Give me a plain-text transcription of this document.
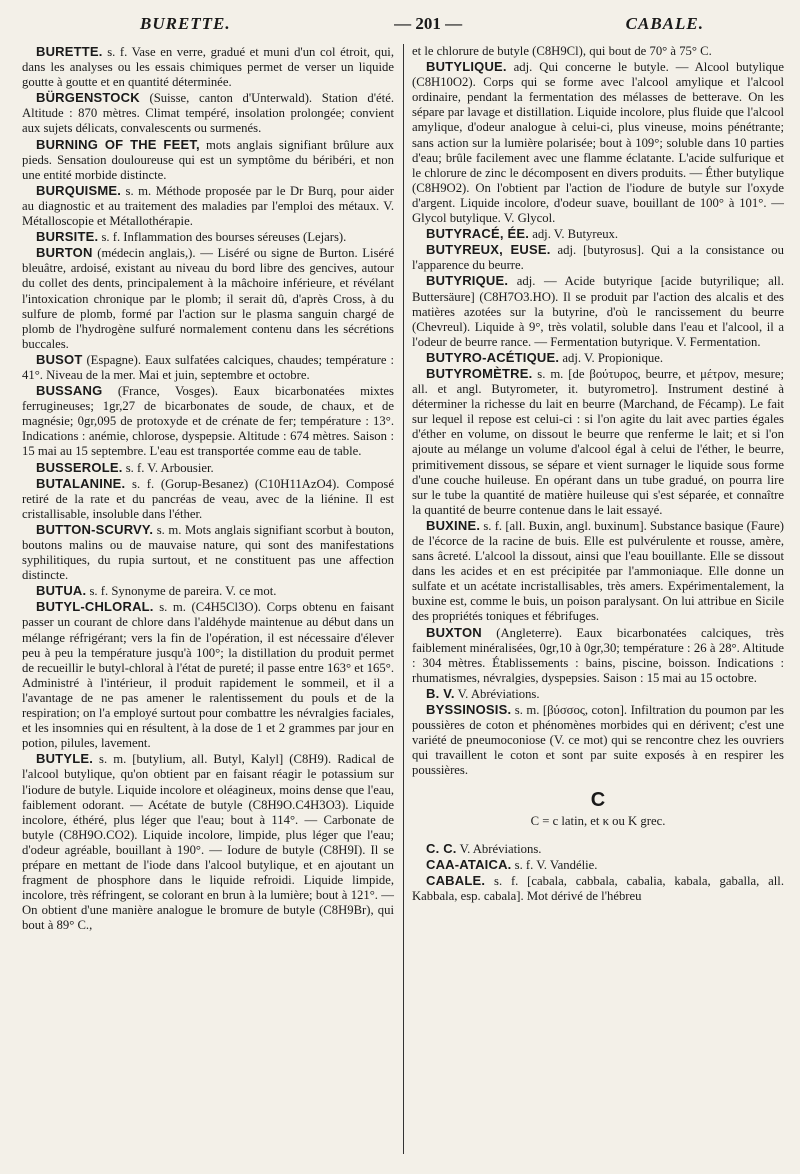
BURETTE.	— 201 —	CABALE.

BURETTE. s. f. Vase en verre, gradué et muni d'un col étroit, qui, dans les analyses ou les essais chimiques permet de verser un liquide goutte à goutte et en quantité déterminée.

BÜRGENSTOCK (Suisse, canton d'Unterwald). Station d'été. Altitude : 870 mètres. Climat tempéré, insolation prolongée; convient aux sujets délicats, convalescents ou surmenés.

BURNING OF THE FEET, mots anglais signifiant brûlure aux pieds. Sensation douloureuse qui est un symptôme du béribéri, et non une entité morbide distincte.

BURQUISME. s. m. Méthode proposée par le Dr Burq, pour aider au diagnostic et au traitement des maladies par l'emploi des métaux. V. Métalloscopie et Métallothérapie.

BURSITE. s. f. Inflammation des bourses séreuses (Lejars).

BURTON (médecin anglais,). — Liséré ou signe de Burton. Liséré bleuâtre, ardoisé, existant au niveau du bord libre des gencives, autour du collet des dents, principalement à la mâchoire inférieure, et révélant l'intoxication chronique par le plomb; il serait dû, d'après Cross, à du sulfure de plomb, formé par l'action sur le plasma sanguin chargé de plomb de l'hydrogène sulfuré normalement contenu dans les sécrétions buccales.

BUSOT (Espagne). Eaux sulfatées calciques, chaudes; température : 41°. Niveau de la mer. Mai et juin, septembre et octobre.

BUSSANG (France, Vosges). Eaux bicarbonatées mixtes ferrugineuses; 1gr,27 de bicarbonates de soude, de chaux, et de magnésie; 0gr,095 de protoxyde et de crénate de fer; température : 13°. Indications : anémie, chlorose, dyspepsie. Altitude : 674 mètres. Saison : 15 mai au 15 septembre. L'eau est transportée comme eau de table.

BUSSEROLE. s. f. V. Arbousier.

BUTALANINE. s. f. (Gorup-Besanez) (C10H11AzO4). Composé retiré de la rate et du pancréas de veau, avec de la liénine. Il est cristallisable, insoluble dans l'éther.

BUTTON-SCURVY. s. m. Mots anglais signifiant scorbut à bouton, boutons malins ou de mauvaise nature, qui sont des manifestations syphilitiques, du rupia surtout, et ne constituent pas une affection distincte.

BUTUA. s. f. Synonyme de pareira. V. ce mot.

BUTYL-CHLORAL. s. m. (C4H5Cl3O). Corps obtenu en faisant passer un courant de chlore dans l'aldéhyde maintenue au début dans un mélange réfrigérant; vers la fin de l'opération, il est nécessaire d'élever peu à peu la température jusqu'à 100°; la distillation du produit permet de recueillir le butyl-chloral à l'état de pureté; il passe entre 163° et 165°. Administré à l'intérieur, il produit rapidement le sommeil, et il a l'avantage de ne pas amener le ralentissement du pouls et de la respiration; on l'a employé surtout pour combattre les névralgies faciales, et les insomnies qui en résultent, à la dose de 1 et 2 grammes par jour en potion, pilules, lavement.

BUTYLE. s. m. [butylium, all. Butyl, Kalyl] (C8H9). Radical de l'alcool butylique, qu'on obtient par en faisant réagir le potassium sur l'iodure de butyle. Liquide incolore et oléagineux, moins dense que l'eau, faiblement odorant. — Acétate de butyle (C8H9O.C4H3O3). Liquide incolore, éthéré, plus léger que l'eau; bout à 114°. — Carbonate de butyle (C8H9O.CO2). Liquide incolore, limpide, plus léger que l'eau; d'odeur agréable, bouillant à 190°. — Iodure de butyle (C8H9I). Il se prépare en mettant de l'iode dans l'alcool butylique, et en ajoutant un fragment de phosphore dans le liquide refroidi. Liquide limpide, incolore, très réfringent, se colorant en brun à la lumière; bout à 121°. — On obtient d'une manière analogue le bromure de butyle (C8H9Br), qui bout à 89° C.,

et le chlorure de butyle (C8H9Cl), qui bout de 70° à 75° C.

BUTYLIQUE. adj. Qui concerne le butyle. — Alcool butylique (C8H10O2). Corps qui se forme avec l'alcool amylique et l'alcool ordinaire, pendant la fermentation des mélasses de betterave. On les sépare par lavage et distillation. Liquide incolore, plus fluide que l'alcool amylique, d'odeur analogue à celui-ci, plus vineuse, moins pénétrante; sans action sur la lumière polarisée; bout à 109°; soluble dans 10 parties d'eau; brûle facilement avec une flamme éclatante. L'acide sulfurique et le chlorure de zinc le décomposent en divers produits. — Éther butylique (C8H9O2). On l'obtient par l'action de l'iodure de butyle sur l'oxyde d'argent. Liquide incolore, d'odeur suave, bouillant de 100° à 101°. — Glycol butylique. V. Glycol.

BUTYRACÉ, ÉE. adj. V. Butyreux.

BUTYREUX, EUSE. adj. [butyrosus]. Qui a la consistance ou l'apparence du beurre.

BUTYRIQUE. adj. — Acide butyrique [acide butyrilique; all. Buttersäure] (C8H7O3.HO). Il se produit par l'action des alcalis et des matières azotées sur la butyrine, d'où le rancissement du beurre (Chevreul). Liquide à 9°, très volatil, soluble dans l'eau et l'alcool, il a l'odeur de beurre rance. — Fermentation butyrique. V. Fermentation.

BUTYRO-ACÉTIQUE. adj. V. Propionique.

BUTYROMÈTRE. s. m. [de βούτυρος, beurre, et μέτρον, mesure; all. et angl. Butyrometer, it. butyrometro]. Instrument destiné à déterminer la richesse du lait en beurre (Marchand, de Fécamp). Le fait sur lequel il repose est celui-ci : si l'on agite du lait avec parties égales d'éther en volume, on dissout le beurre que renferme le lait; et si l'on ajoute au mélange un volume d'alcool égal à celui de l'éther, le beurre, primitivement dissous, se sépare et vient surnager le liquide sous forme d'une couche huileuse. En opérant dans un tube gradué, on pourra lire sur le tube la quantité de matière huileuse qui s'est séparée, et connaître la quantité de beurre contenue dans le lait essayé.

BUXINE. s. f. [all. Buxin, angl. buxinum]. Substance basique (Faure) de l'écorce de la racine de buis. Elle est pulvérulente et rousse, amère, sans âcreté. L'alcool la dissout, ainsi que l'eau bouillante. Elle se dissout dans les acides et en est précipitée par l'ammoniaque. Elle donne un sulfate et un acétate incristallisables, très amers. Expérimentalement, la buxine est, comme le buis, un poison paralysant. On lui attribue en Sicile des propriétés toniques et fébrifuges.

BUXTON (Angleterre). Eaux bicarbonatées calciques, très faiblement minéralisées, 0gr,10 à 0gr,30; température : 26 à 28°. Altitude : 304 mètres. Établissements : bains, piscine, boisson. Indications : rhumatismes, névralgies, dyspepsies. Saison : 15 mai au 15 octobre.

B. V. V. Abréviations.

BYSSINOSIS. s. m. [βύσσος, coton]. Infiltration du poumon par les poussières de coton et phénomènes morbides qui en dérivent; c'est une variété de pneumoconiose (V. ce mot) qui se rencontre chez les ouvriers qui travaillent le coton et sont par suite exposés à en respirer les poussières.

C

C = c latin, et κ ou K grec.

C. C. V. Abréviations.

CAA-ATAICA. s. f. V. Vandélie.

CABALE. s. f. [cabala, cabbala, cabalia, kabala, gaballa, all. Kabbala, esp. cabala]. Mot dérivé de l'hébreu
